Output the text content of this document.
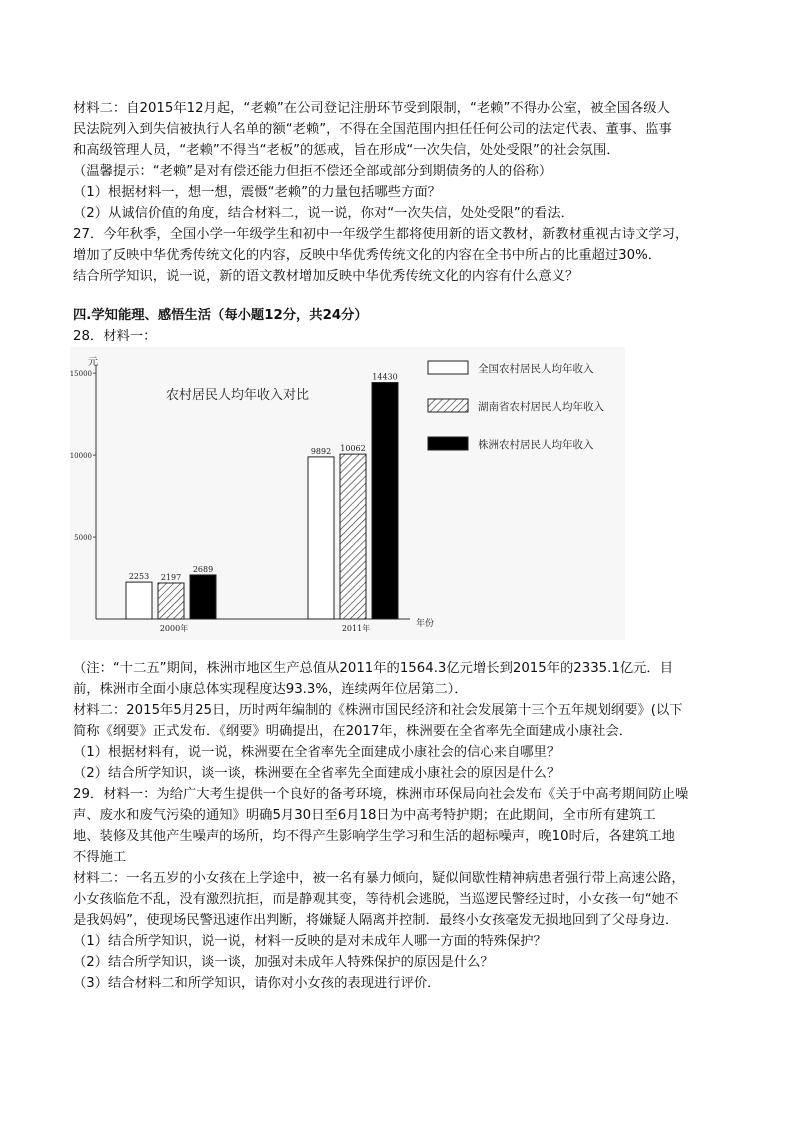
材料二：自2015年12月起，“老赖”在公司登记注册环节受到限制，“老赖”不得办公室，被全国各级人
民法院列入到失信被执行人名单的额“老赖”，不得在全国范围内担任任何公司的法定代表、董事、监事
和高级管理人员，“老赖”不得当“老板”的惩戒，旨在形成“一次失信，处处受限”的社会氛围．
（温馨提示：“老赖”是对有偿还能力但拒不偿还全部或部分到期债务的人的俗称）
（1）根据材料一，想一想，震慑“老赖”的力量包括哪些方面？
（2）从诚信价值的角度，结合材料二，说一说，你对“一次失信，处处受限”的看法．
27．今年秋季，全国小学一年级学生和初中一年级学生都将使用新的语文教材，新教材重视古诗文学习，
增加了反映中华优秀传统文化的内容，反映中华优秀传统文化的内容在全书中所占的比重超过30%．
结合所学知识，说一说，新的语文教材增加反映中华优秀传统文化的内容有什么意义？
四.学知能理、感悟生活（每小题12分，共24分）
28．材料一：
元
年份
农村居民人均年收入对比
5000
10000
15000
2253 2197
2689
2000年
9892 10062
14430
2011年
全国农村居民人均年收入
湖南省农村居民人均年收入
株洲农村居民人均年收入
（注：“十二五”期间，株洲市地区生产总值从2011年的1564.3亿元增长到2015年的2335.1亿元．目
前，株洲市全面小康总体实现程度达93.3%，连续两年位居第二）．
材料二：2015年5月25日，历时两年编制的《株洲市国民经济和社会发展第十三个五年规划纲要》(以下
简称《纲要》正式发布．《纲要》明确提出，在2017年，株洲要在全省率先全面建成小康社会．
（1）根据材料有，说一说，株洲要在全省率先全面建成小康社会的信心来自哪里？
（2）结合所学知识，谈一谈，株洲要在全省率先全面建成小康社会的原因是什么？
29．材料一：为给广大考生提供一个良好的备考环境，株洲市环保局向社会发布《关于中高考期间防止噪
声、废水和废气污染的通知》明确5月30日至6月18日为中高考特护期；在此期间，全市所有建筑工
地、装修及其他产生噪声的场所，均不得产生影响学生学习和生活的超标噪声，晚10时后，各建筑工地
不得施工
材料二：一名五岁的小女孩在上学途中，被一名有暴力倾向，疑似间歇性精神病患者强行带上高速公路，
小女孩临危不乱，没有激烈抗拒，而是静观其变，等待机会逃脱，当巡逻民警经过时，小女孩一句“她不
是我妈妈”，使现场民警迅速作出判断，将嫌疑人隔离并控制．最终小女孩毫发无损地回到了父母身边．
（1）结合所学知识，说一说，材料一反映的是对未成年人哪一方面的特殊保护？
（2）结合所学知识，谈一谈，加强对未成年人特殊保护的原因是什么？
（3）结合材料二和所学知识，请你对小女孩的表现进行评价．
